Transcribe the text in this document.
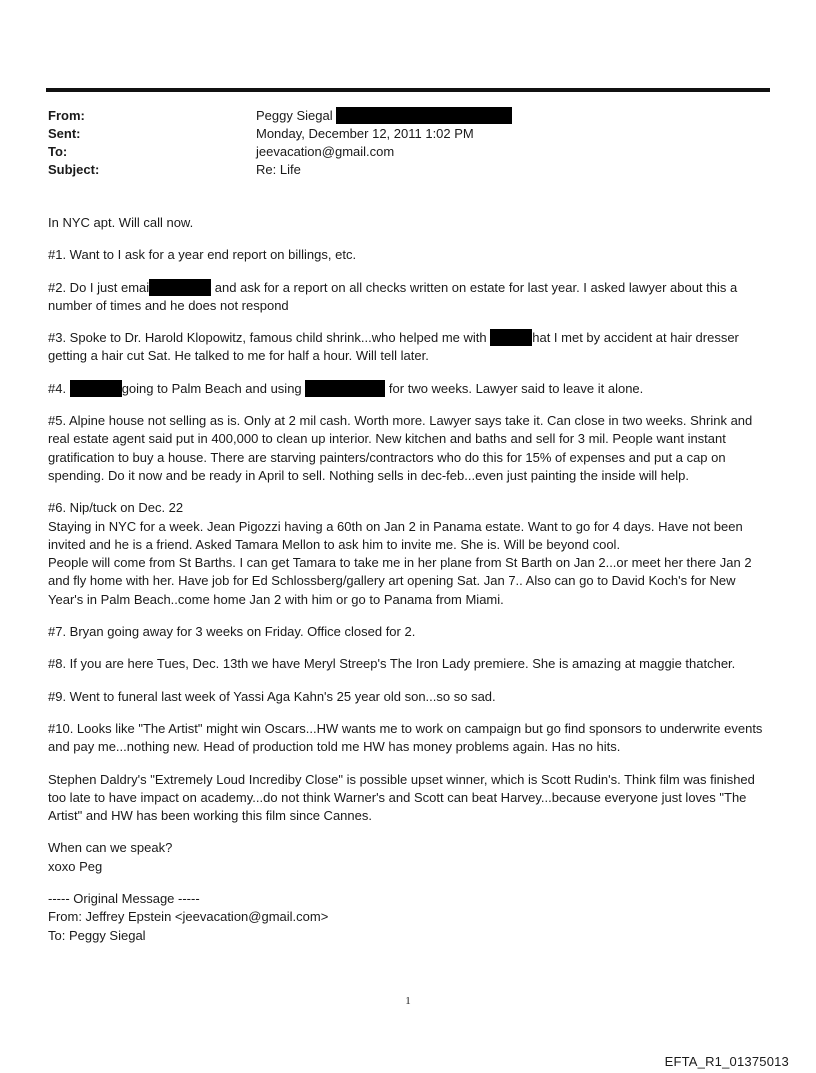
From:	Peggy Siegal
Sent:	Monday, December 12, 2011 1:02 PM
To:	jeevacation@gmail.com
Subject:	Re: Life

In NYC apt. Will call now.

#1. Want to I ask for a year end report on billings, etc.

#2. Do I just emai	and ask for a report on all checks written on estate for last year. I asked lawyer about this a number of times and he does not respond

#3. Spoke to Dr. Harold Klopowitz, famous child shrink...who helped me with	hat I met by accident at hair dresser getting a hair cut Sat. He talked to me for half a hour. Will tell later.

#4.	going to Palm Beach and using	for two weeks. Lawyer said to leave it alone.

#5. Alpine house not selling as is. Only at 2 mil cash. Worth more. Lawyer says take it. Can close in two weeks. Shrink and real estate agent said put in 400,000 to clean up interior. New kitchen and baths and sell for 3 mil. People want instant gratification to buy a house. There are starving painters/contractors who do this for 15% of expenses and put a cap on spending. Do it now and be ready in April to sell. Nothing sells in dec-feb...even just painting the inside will help.

#6. Nip/tuck on Dec. 22
Staying in NYC for a week. Jean Pigozzi having a 60th on Jan 2 in Panama estate. Want to go for 4 days. Have not been invited and he is a friend. Asked Tamara Mellon to ask him to invite me. She is. Will be beyond cool.
People will come from St Barths. I can get Tamara to take me in her plane from St Barth on Jan 2...or meet her there Jan 2 and fly home with her. Have job for Ed Schlossberg/gallery art opening Sat. Jan 7.. Also can go to David Koch's for New Year's in Palm Beach..come home Jan 2 with him or go to Panama from Miami.

#7. Bryan going away for 3 weeks on Friday. Office closed for 2.

#8. If you are here Tues, Dec. 13th we have Meryl Streep's The Iron Lady premiere. She is amazing at maggie thatcher.

#9. Went to funeral last week of Yassi Aga Kahn's 25 year old son...so so sad.

#10. Looks like "The Artist" might win Oscars...HW wants me to work on campaign but go find sponsors to underwrite events and pay me...nothing new. Head of production told me HW has money problems again. Has no hits.

Stephen Daldry's "Extremely Loud Incrediby Close" is possible upset winner, which is Scott Rudin's. Think film was finished too late to have impact on academy...do not think Warner's and Scott can beat Harvey...because everyone just loves "The Artist" and HW has been working this film since Cannes.

When can we speak?
xoxo Peg

----- Original Message -----

From: Jeffrey Epstein <jeevacation@gmail.com>

To: Peggy Siegal

1
EFTA_R1_01375013
